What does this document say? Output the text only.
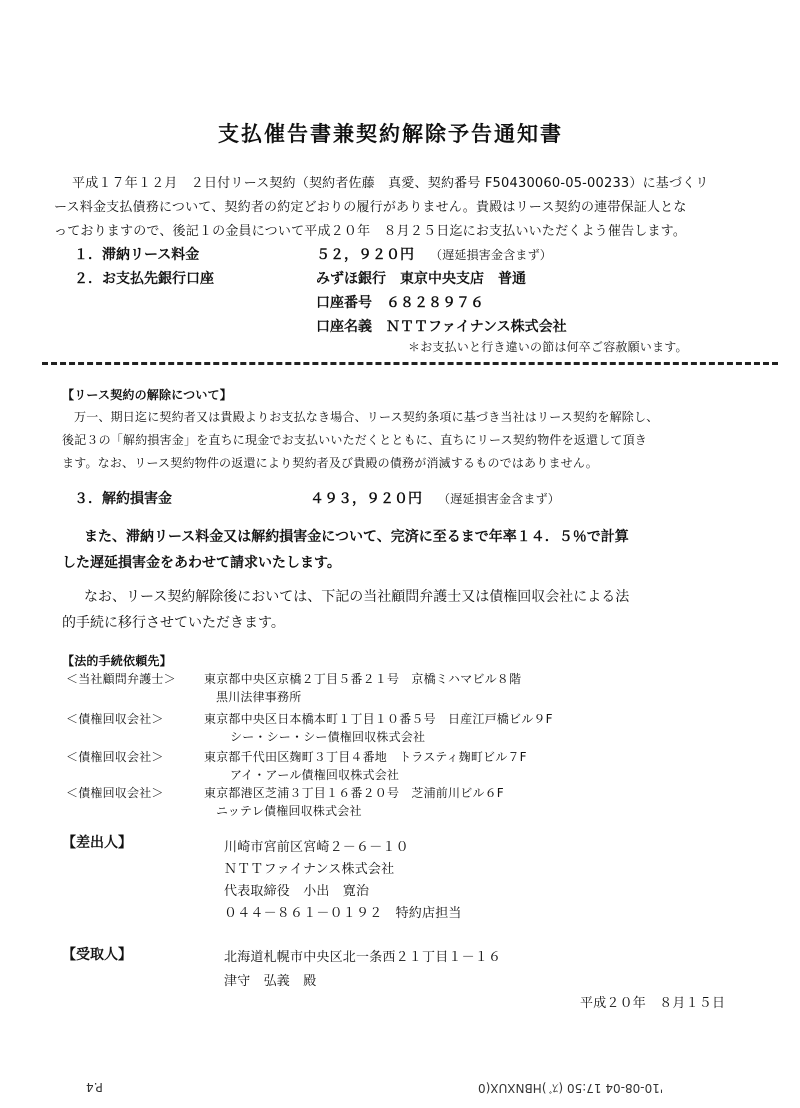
支払催告書兼契約解除予告通知書
平成１７年１２月　２日付リース契約（契約者佐藤　真愛、契約番号 F50430060-05-00233）に基づくリ
ース料金支払債務について、契約者の約定どおりの履行がありません。貴殿はリース契約の連帯保証人とな
っておりますので、後記１の金員について平成２０年　８月２５日迄にお支払いいただくよう催告します。
１．滞納リース料金	５２，９２０円 （遅延損害金含まず）
２．お支払先銀行口座	みずほ銀行　東京中央支店　普通
口座番号　６８２８９７６
口座名義　ＮＴＴファイナンス株式会社
＊お支払いと行き違いの節は何卒ご容赦願います。
【リース契約の解除について】
万一、期日迄に契約者又は貴殿よりお支払なき場合、リース契約条項に基づき当社はリース契約を解除し、
後記３の「解約損害金」を直ちに現金でお支払いいただくとともに、直ちにリース契約物件を返還して頂き
ます。なお、リース契約物件の返還により契約者及び貴殿の債務が消滅するものではありません。
３．解約損害金	４９３，９２０円 （遅延損害金含まず）
また、滞納リース料金又は解約損害金について、完済に至るまで年率１４．５％で計算
した遅延損害金をあわせて請求いたします。
なお、リース契約解除後においては、下記の当社顧問弁護士又は債権回収会社による法
的手続に移行させていただきます。
【法的手続依頼先】
＜当社顧問弁護士＞ 東京都中央区京橋２丁目５番２１号　京橋ミハマビル８階
黒川法律事務所
＜債権回収会社＞	東京都中央区日本橋本町１丁目１０番５号　日産江戸橋ビル９F
シー・シー・シー債権回収株式会社
＜債権回収会社＞	東京都千代田区麹町３丁目４番地　トラスティ麹町ビル７F
アイ・アール債権回収株式会社
＜債権回収会社＞	東京都港区芝浦３丁目１６番２０号　芝浦前川ビル６F
ニッテレ債権回収株式会社
【差出人】	川崎市宮前区宮崎２－６－１０
ＮＴＴファイナンス株式会社
代表取締役　小出　寛治
０４４－８６１－０１９２　特約店担当
【受取人】	北海道札幌市中央区北一条西２１丁目１－１６
津守　弘義　殿
平成２０年　８月１５日
P.4	'10-08-04 17:50 (ｽﾞ)HBNXUX(0
